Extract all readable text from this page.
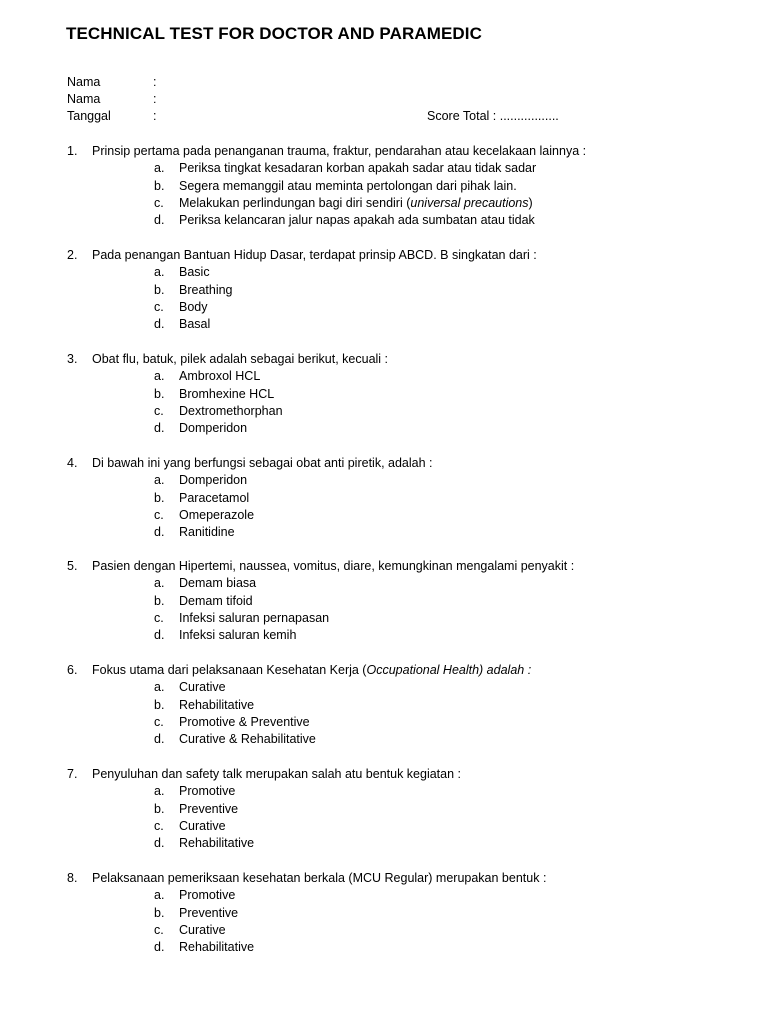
TECHNICAL TEST FOR DOCTOR AND PARAMEDIC
Nama	:
Nama	:
Tanggal	:	Score Total : .................
1. Prinsip pertama pada penanganan trauma, fraktur, pendarahan atau kecelakaan lainnya :
a. Periksa tingkat kesadaran korban apakah sadar atau tidak sadar
b. Segera memanggil atau meminta pertolongan dari pihak lain.
c. Melakukan perlindungan bagi diri sendiri (universal precautions)
d. Periksa kelancaran jalur napas apakah ada sumbatan atau tidak
2. Pada penangan Bantuan Hidup Dasar, terdapat prinsip ABCD. B singkatan dari :
a. Basic
b. Breathing
c. Body
d. Basal
3. Obat flu, batuk, pilek adalah sebagai berikut, kecuali :
a. Ambroxol HCL
b. Bromhexine HCL
c. Dextromethorphan
d. Domperidon
4. Di bawah ini yang berfungsi sebagai obat anti piretik, adalah :
a. Domperidon
b. Paracetamol
c. Omeperazole
d. Ranitidine
5. Pasien dengan Hipertemi, naussea, vomitus, diare, kemungkinan mengalami penyakit :
a. Demam biasa
b. Demam tifoid
c. Infeksi saluran pernapasan
d. Infeksi saluran kemih
6. Fokus utama dari pelaksanaan Kesehatan Kerja (Occupational Health) adalah :
a. Curative
b. Rehabilitative
c. Promotive & Preventive
d. Curative & Rehabilitative
7. Penyuluhan dan safety talk merupakan salah atu bentuk kegiatan :
a. Promotive
b. Preventive
c. Curative
d. Rehabilitative
8. Pelaksanaan pemeriksaan kesehatan berkala (MCU Regular) merupakan bentuk :
a. Promotive
b. Preventive
c. Curative
d. Rehabilitative
